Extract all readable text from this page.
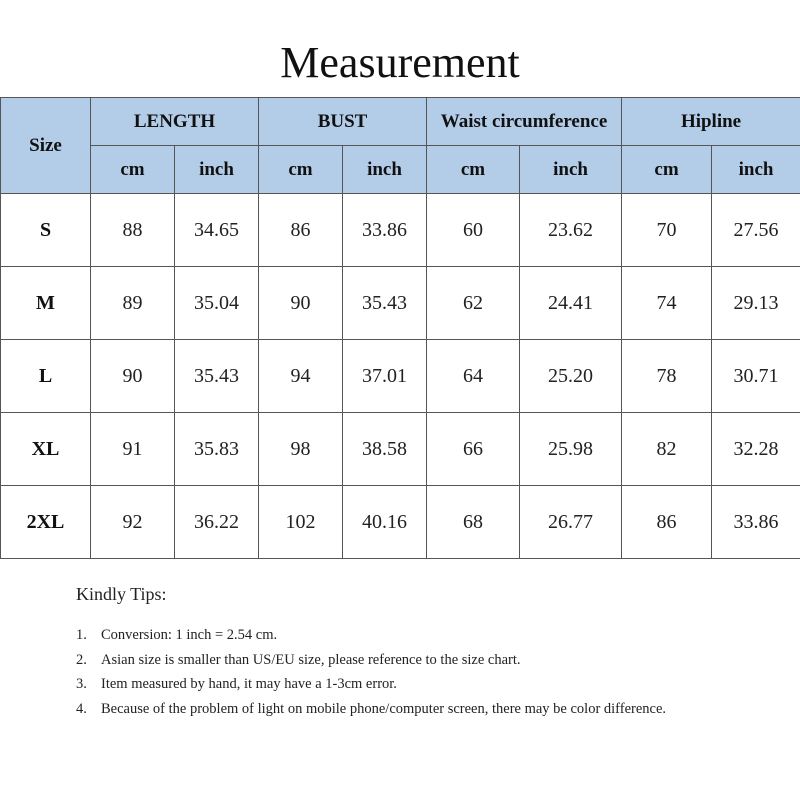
Measurement
Size	LENGTH		BUST		Waist circumference		Hipline	
	cm	inch	cm	inch	cm	inch	cm	inch
S	88	34.65	86	33.86	60	23.62	70	27.56
M	89	35.04	90	35.43	62	24.41	74	29.13
L	90	35.43	94	37.01	64	25.20	78	30.71
XL	91	35.83	98	38.58	66	25.98	82	32.28
2XL	92	36.22	102	40.16	68	26.77	86	33.86
Kindly Tips:
1. Conversion: 1 inch = 2.54 cm.
2. Asian size is smaller than US/EU size, please reference to the size chart.
3. Item measured by hand, it may have a 1-3cm error.
4. Because of the problem of light on mobile phone/computer screen, there may be color difference.
